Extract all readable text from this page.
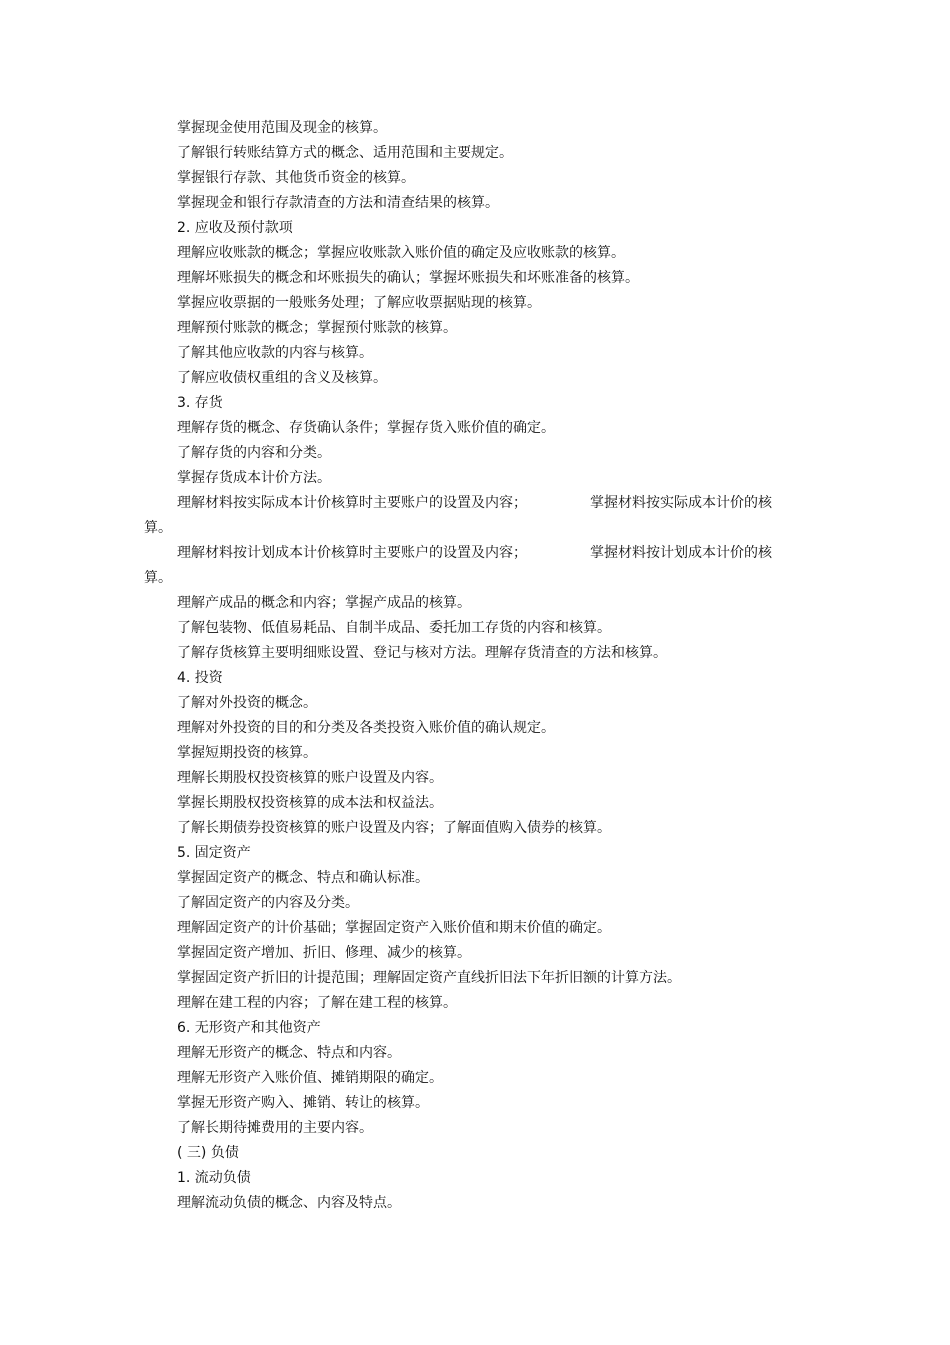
掌握现金使用范围及现金的核算。
了解银行转账结算方式的概念、适用范围和主要规定。
掌握银行存款、其他货币资金的核算。
掌握现金和银行存款清查的方法和清查结果的核算。
2. 应收及预付款项
理解应收账款的概念；掌握应收账款入账价值的确定及应收账款的核算。
理解坏账损失的概念和坏账损失的确认；掌握坏账损失和坏账准备的核算。
掌握应收票据的一般账务处理；了解应收票据贴现的核算。
理解预付账款的概念；掌握预付账款的核算。
了解其他应收款的内容与核算。
了解应收债权重组的含义及核算。
3. 存货
理解存货的概念、存货确认条件；掌握存货入账价值的确定。
了解存货的内容和分类。
掌握存货成本计价方法。
理解材料按实际成本计价核算时主要账户的设置及内容；	掌握材料按实际成本计价的核
算。
理解材料按计划成本计价核算时主要账户的设置及内容；	掌握材料按计划成本计价的核
算。
理解产成品的概念和内容；掌握产成品的核算。
了解包装物、低值易耗品、自制半成品、委托加工存货的内容和核算。
了解存货核算主要明细账设置、登记与核对方法。理解存货清查的方法和核算。
4. 投资
了解对外投资的概念。
理解对外投资的目的和分类及各类投资入账价值的确认规定。
掌握短期投资的核算。
理解长期股权投资核算的账户设置及内容。
掌握长期股权投资核算的成本法和权益法。
了解长期债券投资核算的账户设置及内容；了解面值购入债券的核算。
5. 固定资产
掌握固定资产的概念、特点和确认标准。
了解固定资产的内容及分类。
理解固定资产的计价基础；掌握固定资产入账价值和期末价值的确定。
掌握固定资产增加、折旧、修理、减少的核算。
掌握固定资产折旧的计提范围；理解固定资产直线折旧法下年折旧额的计算方法。
理解在建工程的内容；了解在建工程的核算。
6. 无形资产和其他资产
理解无形资产的概念、特点和内容。
理解无形资产入账价值、摊销期限的确定。
掌握无形资产购入、摊销、转让的核算。
了解长期待摊费用的主要内容。
( 三) 负债
1. 流动负债
理解流动负债的概念、内容及特点。
